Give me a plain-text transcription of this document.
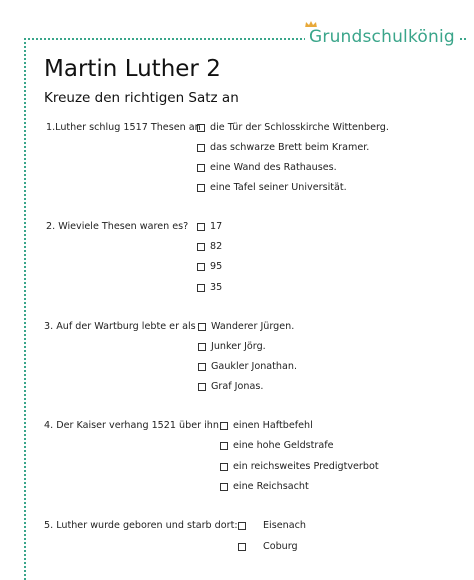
Grundschulkönig
Martin Luther 2
Kreuze den richtigen Satz an
1.Luther schlug 1517 Thesen an die Tür der Schlosskirche Wittenberg.
das schwarze Brett beim Kramer.
eine Wand des Rathauses.
eine Tafel seiner Universität.
2. Wieviele Thesen waren es? 17
82
95
35
3. Auf der Wartburg lebte er als Wanderer Jürgen.
Junker Jörg.
Gaukler Jonathan.
Graf Jonas.
4. Der Kaiser verhang 1521 über ihn: einen Haftbefehl
eine hohe Geldstrafe
ein reichsweites Predigtverbot
eine Reichsacht
5. Luther wurde geboren und starb dort:	Eisenach
Coburg
